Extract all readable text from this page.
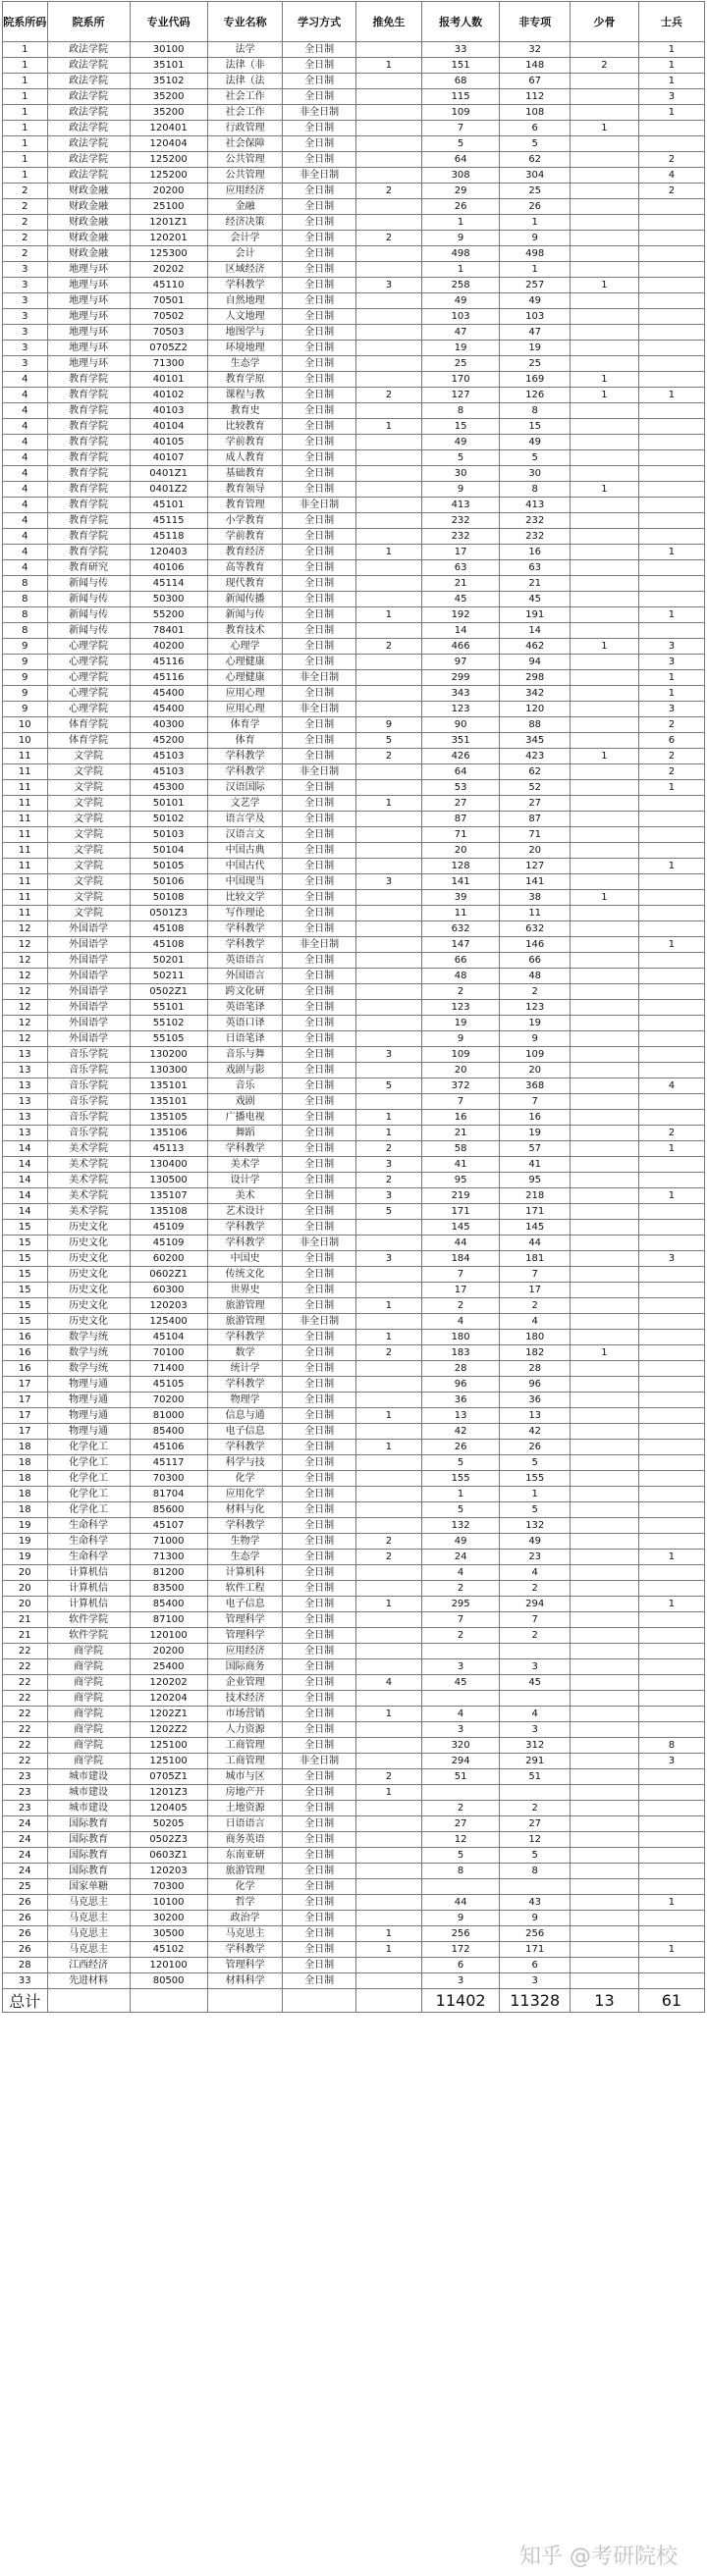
院系所码	院系所	专业代码	专业名称	学习方式	推免生	报考人数	非专项	少骨	士兵
1	政法学院	30100	法学	全日制		33	32		1
1	政法学院	35101	法律（非	全日制	1	151	148	2	1
1	政法学院	35102	法律（法	全日制		68	67		1
1	政法学院	35200	社会工作	全日制		115	112		3
1	政法学院	35200	社会工作	非全日制		109	108		1
1	政法学院	120401	行政管理	全日制		7	6	1	
1	政法学院	120404	社会保障	全日制		5	5		
1	政法学院	125200	公共管理	全日制		64	62		2
1	政法学院	125200	公共管理	非全日制		308	304		4
2	财政金融	20200	应用经济	全日制	2	29	25		2
2	财政金融	25100	金融	全日制		26	26		
2	财政金融	1201Z1	经济决策	全日制		1	1		
2	财政金融	120201	会计学	全日制	2	9	9		
2	财政金融	125300	会计	全日制		498	498		
3	地理与环	20202	区域经济	全日制		1	1		
3	地理与环	45110	学科教学	全日制	3	258	257	1	
3	地理与环	70501	自然地理	全日制		49	49		
3	地理与环	70502	人文地理	全日制		103	103		
3	地理与环	70503	地图学与	全日制		47	47		
3	地理与环	0705Z2	环境地理	全日制		19	19		
3	地理与环	71300	生态学	全日制		25	25		
4	教育学院	40101	教育学原	全日制		170	169	1	
4	教育学院	40102	课程与教	全日制	2	127	126	1	1
4	教育学院	40103	教育史	全日制		8	8		
4	教育学院	40104	比较教育	全日制	1	15	15		
4	教育学院	40105	学前教育	全日制		49	49		
4	教育学院	40107	成人教育	全日制		5	5		
4	教育学院	0401Z1	基础教育	全日制		30	30		
4	教育学院	0401Z2	教育领导	全日制		9	8	1	
4	教育学院	45101	教育管理	非全日制		413	413		
4	教育学院	45115	小学教育	全日制		232	232		
4	教育学院	45118	学前教育	全日制		232	232		
4	教育学院	120403	教育经济	全日制	1	17	16		1
4	教育研究	40106	高等教育	全日制		63	63		
8	新闻与传	45114	现代教育	全日制		21	21		
8	新闻与传	50300	新闻传播	全日制		45	45		
8	新闻与传	55200	新闻与传	全日制	1	192	191		1
8	新闻与传	78401	教育技术	全日制		14	14		
9	心理学院	40200	心理学	全日制	2	466	462	1	3
9	心理学院	45116	心理健康	全日制		97	94		3
9	心理学院	45116	心理健康	非全日制		299	298		1
9	心理学院	45400	应用心理	全日制		343	342		1
9	心理学院	45400	应用心理	非全日制		123	120		3
10	体育学院	40300	体育学	全日制	9	90	88		2
10	体育学院	45200	体育	全日制	5	351	345		6
11	文学院	45103	学科教学	全日制	2	426	423	1	2
11	文学院	45103	学科教学	非全日制		64	62		2
11	文学院	45300	汉语国际	全日制		53	52		1
11	文学院	50101	文艺学	全日制	1	27	27		
11	文学院	50102	语言学及	全日制		87	87		
11	文学院	50103	汉语言文	全日制		71	71		
11	文学院	50104	中国古典	全日制		20	20		
11	文学院	50105	中国古代	全日制		128	127		1
11	文学院	50106	中国现当	全日制	3	141	141		
11	文学院	50108	比较文学	全日制		39	38	1	
11	文学院	0501Z3	写作理论	全日制		11	11		
12	外国语学	45108	学科教学	全日制		632	632		
12	外国语学	45108	学科教学	非全日制		147	146		1
12	外国语学	50201	英语语言	全日制		66	66		
12	外国语学	50211	外国语言	全日制		48	48		
12	外国语学	0502Z1	跨文化研	全日制		2	2		
12	外国语学	55101	英语笔译	全日制		123	123		
12	外国语学	55102	英语口译	全日制		19	19		
12	外国语学	55105	日语笔译	全日制		9	9		
13	音乐学院	130200	音乐与舞	全日制	3	109	109		
13	音乐学院	130300	戏剧与影	全日制		20	20		
13	音乐学院	135101	音乐	全日制	5	372	368		4
13	音乐学院	135101	戏剧	全日制		7	7		
13	音乐学院	135105	广播电视	全日制	1	16	16		
13	音乐学院	135106	舞蹈	全日制	1	21	19		2
14	美术学院	45113	学科教学	全日制	2	58	57		1
14	美术学院	130400	美术学	全日制	3	41	41		
14	美术学院	130500	设计学	全日制	2	95	95		
14	美术学院	135107	美术	全日制	3	219	218		1
14	美术学院	135108	艺术设计	全日制	5	171	171		
15	历史文化	45109	学科教学	全日制		145	145		
15	历史文化	45109	学科教学	非全日制		44	44		
15	历史文化	60200	中国史	全日制	3	184	181		3
15	历史文化	0602Z1	传统文化	全日制		7	7		
15	历史文化	60300	世界史	全日制		17	17		
15	历史文化	120203	旅游管理	全日制	1	2	2		
15	历史文化	125400	旅游管理	非全日制		4	4		
16	数学与统	45104	学科教学	全日制	1	180	180		
16	数学与统	70100	数学	全日制	2	183	182	1	
16	数学与统	71400	统计学	全日制		28	28		
17	物理与通	45105	学科教学	全日制		96	96		
17	物理与通	70200	物理学	全日制		36	36		
17	物理与通	81000	信息与通	全日制	1	13	13		
17	物理与通	85400	电子信息	全日制		42	42		
18	化学化工	45106	学科教学	全日制	1	26	26		
18	化学化工	45117	科学与技	全日制		5	5		
18	化学化工	70300	化学	全日制		155	155		
18	化学化工	81704	应用化学	全日制		1	1		
18	化学化工	85600	材料与化	全日制		5	5		
19	生命科学	45107	学科教学	全日制		132	132		
19	生命科学	71000	生物学	全日制	2	49	49		
19	生命科学	71300	生态学	全日制	2	24	23		1
20	计算机信	81200	计算机科	全日制		4	4		
20	计算机信	83500	软件工程	全日制		2	2		
20	计算机信	85400	电子信息	全日制	1	295	294		1
21	软件学院	87100	管理科学	全日制		7	7		
21	软件学院	120100	管理科学	全日制		2	2		
22	商学院	20200	应用经济	全日制					
22	商学院	25400	国际商务	全日制		3	3		
22	商学院	120202	企业管理	全日制	4	45	45		
22	商学院	120204	技术经济	全日制					
22	商学院	1202Z1	市场营销	全日制	1	4	4		
22	商学院	1202Z2	人力资源	全日制		3	3		
22	商学院	125100	工商管理	全日制		320	312		8
22	商学院	125100	工商管理	非全日制		294	291		3
23	城市建设	0705Z1	城市与区	全日制	2	51	51		
23	城市建设	1201Z3	房地产开	全日制	1				
23	城市建设	120405	土地资源	全日制		2	2		
24	国际教育	50205	日语语言	全日制		27	27		
24	国际教育	0502Z3	商务英语	全日制		12	12		
24	国际教育	0603Z1	东南亚研	全日制		5	5		
24	国际教育	120203	旅游管理	全日制		8	8		
25	国家单糖	70300	化学	全日制					
26	马克思主	10100	哲学	全日制		44	43		1
26	马克思主	30200	政治学	全日制		9	9		
26	马克思主	30500	马克思主	全日制	1	256	256		
26	马克思主	45102	学科教学	全日制	1	172	171		1
28	江西经济	120100	管理科学	全日制		6	6		
33	先进材料	80500	材料科学	全日制		3	3		
总计						11402	11328	13	61
知乎 @考研院校
